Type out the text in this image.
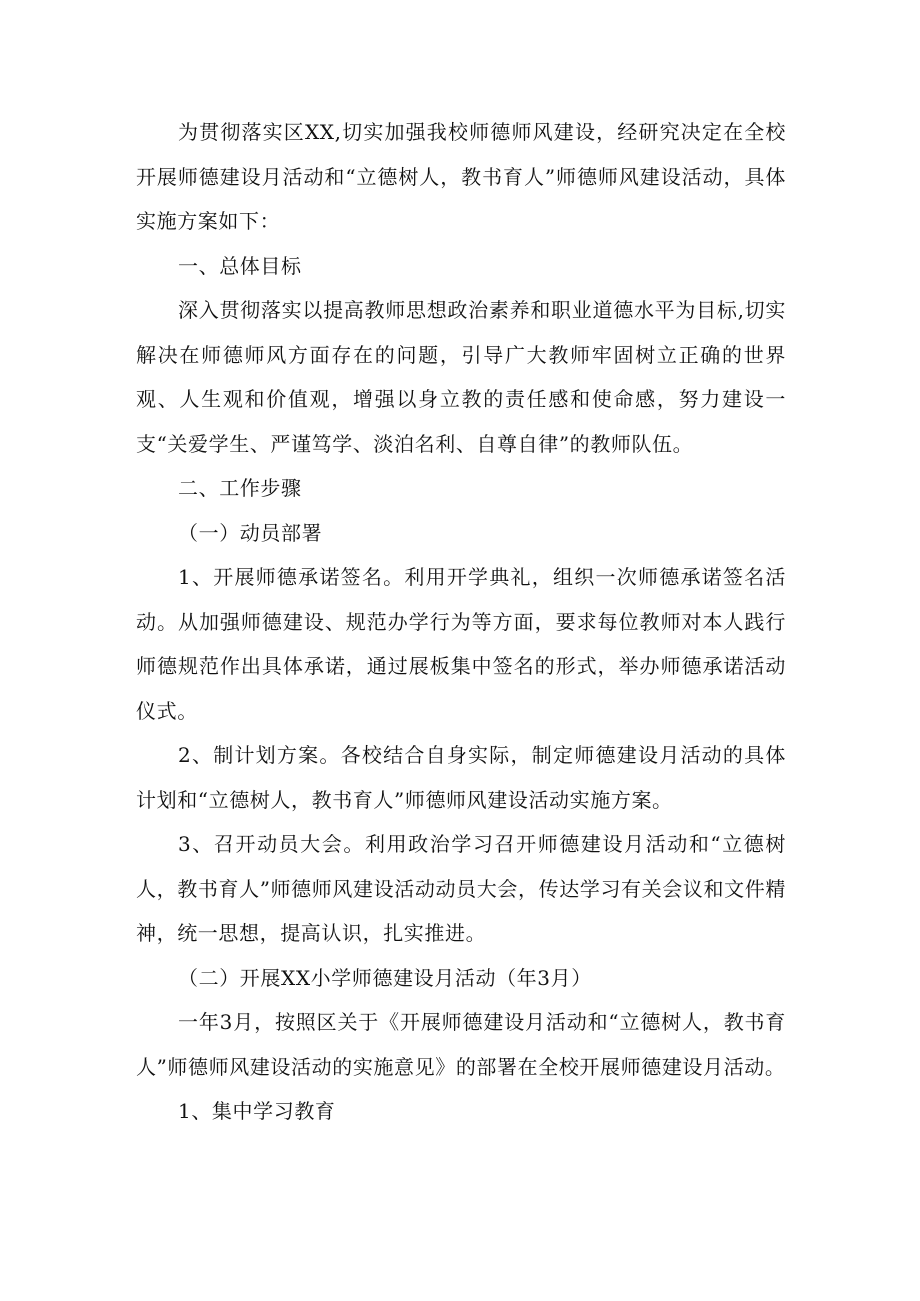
为贯彻落实区XX,切实加强我校师德师风建设，经研究决定在全校开展师德建设月活动和“立德树人，教书育人”师德师风建设活动，具体实施方案如下：

一、总体目标

深入贯彻落实以提高教师思想政治素养和职业道德水平为目标,切实解决在师德师风方面存在的问题，引导广大教师牢固树立正确的世界观、人生观和价值观，增强以身立教的责任感和使命感，努力建设一支“关爱学生、严谨笃学、淡泊名利、自尊自律”的教师队伍。

二、工作步骤

（一）动员部署

1、开展师德承诺签名。利用开学典礼，组织一次师德承诺签名活动。从加强师德建设、规范办学行为等方面，要求每位教师对本人践行师德规范作出具体承诺，通过展板集中签名的形式，举办师德承诺活动仪式。

2、制计划方案。各校结合自身实际，制定师德建设月活动的具体计划和“立德树人，教书育人”师德师风建设活动实施方案。

3、召开动员大会。利用政治学习召开师德建设月活动和“立德树人，教书育人”师德师风建设活动动员大会，传达学习有关会议和文件精神，统一思想，提高认识，扎实推进。

（二）开展XX小学师德建设月活动（年3月）

一年3月，按照区关于《开展师德建设月活动和“立德树人，教书育人”师德师风建设活动的实施意见》的部署在全校开展师德建设月活动。

1、集中学习教育
